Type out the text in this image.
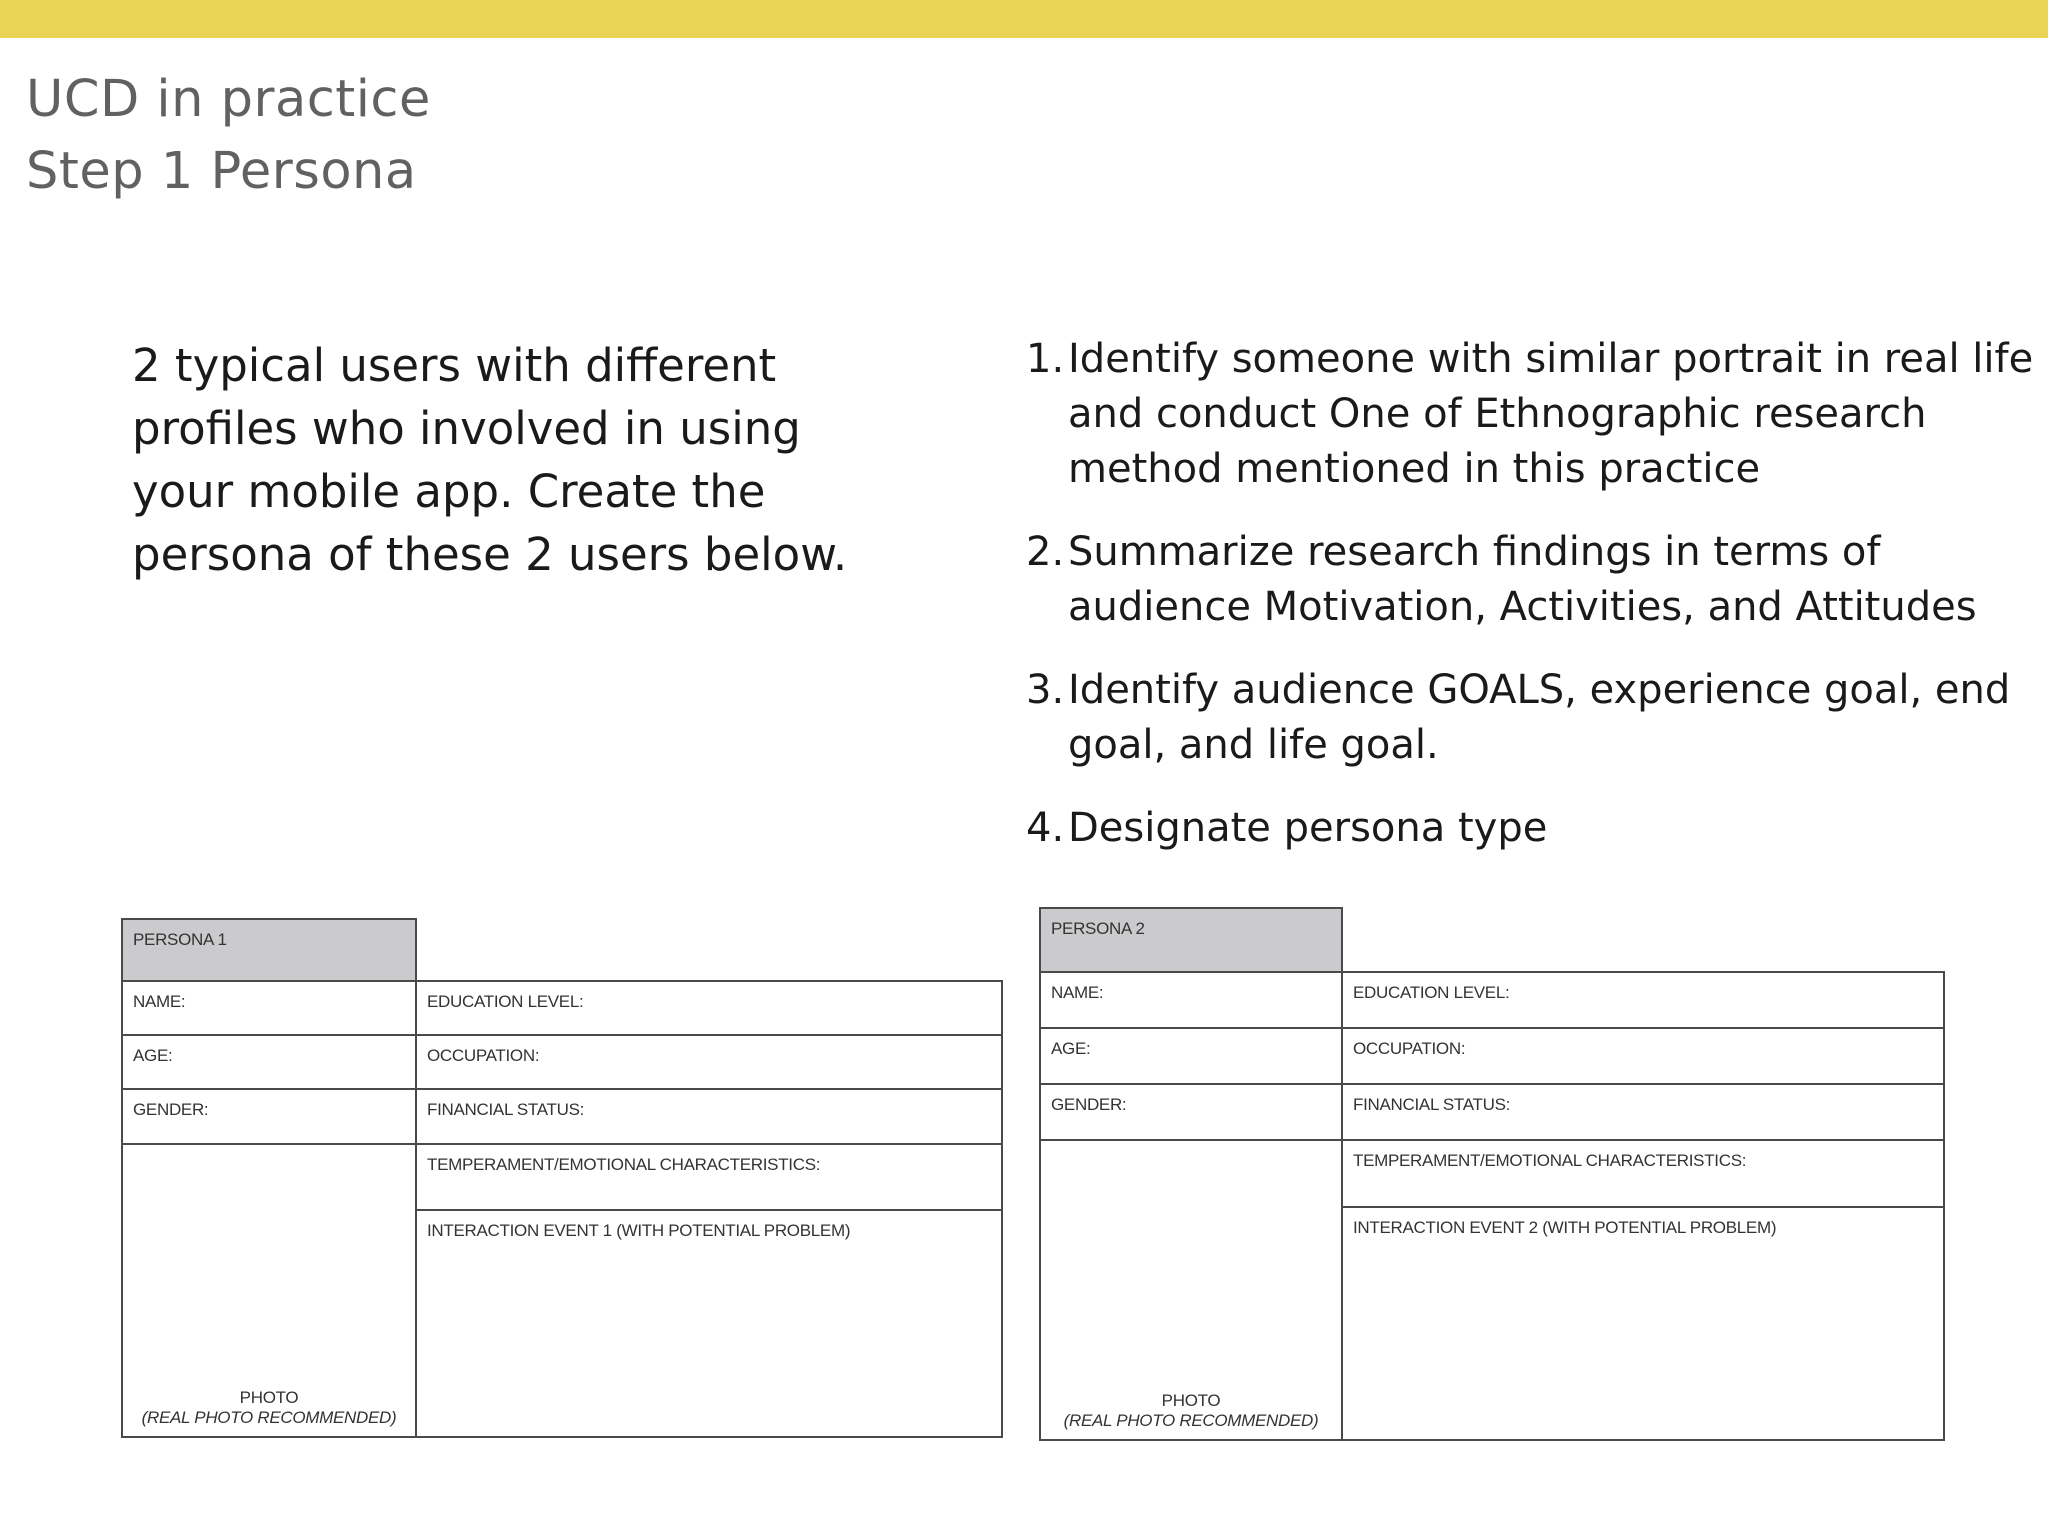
UCD in practice
Step 1 Persona
2 typical users with different profiles who involved in using your mobile app. Create the persona of these 2 users below.
1. Identify someone with similar portrait in real life and conduct One of Ethnographic research method mentioned in this practice
2. Summarize research findings in terms of audience Motivation, Activities, and Attitudes
3. Identify audience GOALS, experience goal, end goal, and life goal.
4. Designate persona type
PERSONA 1
NAME:	EDUCATION LEVEL:
AGE:	OCCUPATION:
GENDER:	FINANCIAL STATUS:
PHOTO
(REAL PHOTO RECOMMENDED)
TEMPERAMENT/EMOTIONAL CHARACTERISTICS:
INTERACTION EVENT 1 (WITH POTENTIAL PROBLEM)
PERSONA 2
NAME:	EDUCATION LEVEL:
AGE:	OCCUPATION:
GENDER:	FINANCIAL STATUS:
PHOTO
(REAL PHOTO RECOMMENDED)
TEMPERAMENT/EMOTIONAL CHARACTERISTICS:
INTERACTION EVENT 2 (WITH POTENTIAL PROBLEM)
